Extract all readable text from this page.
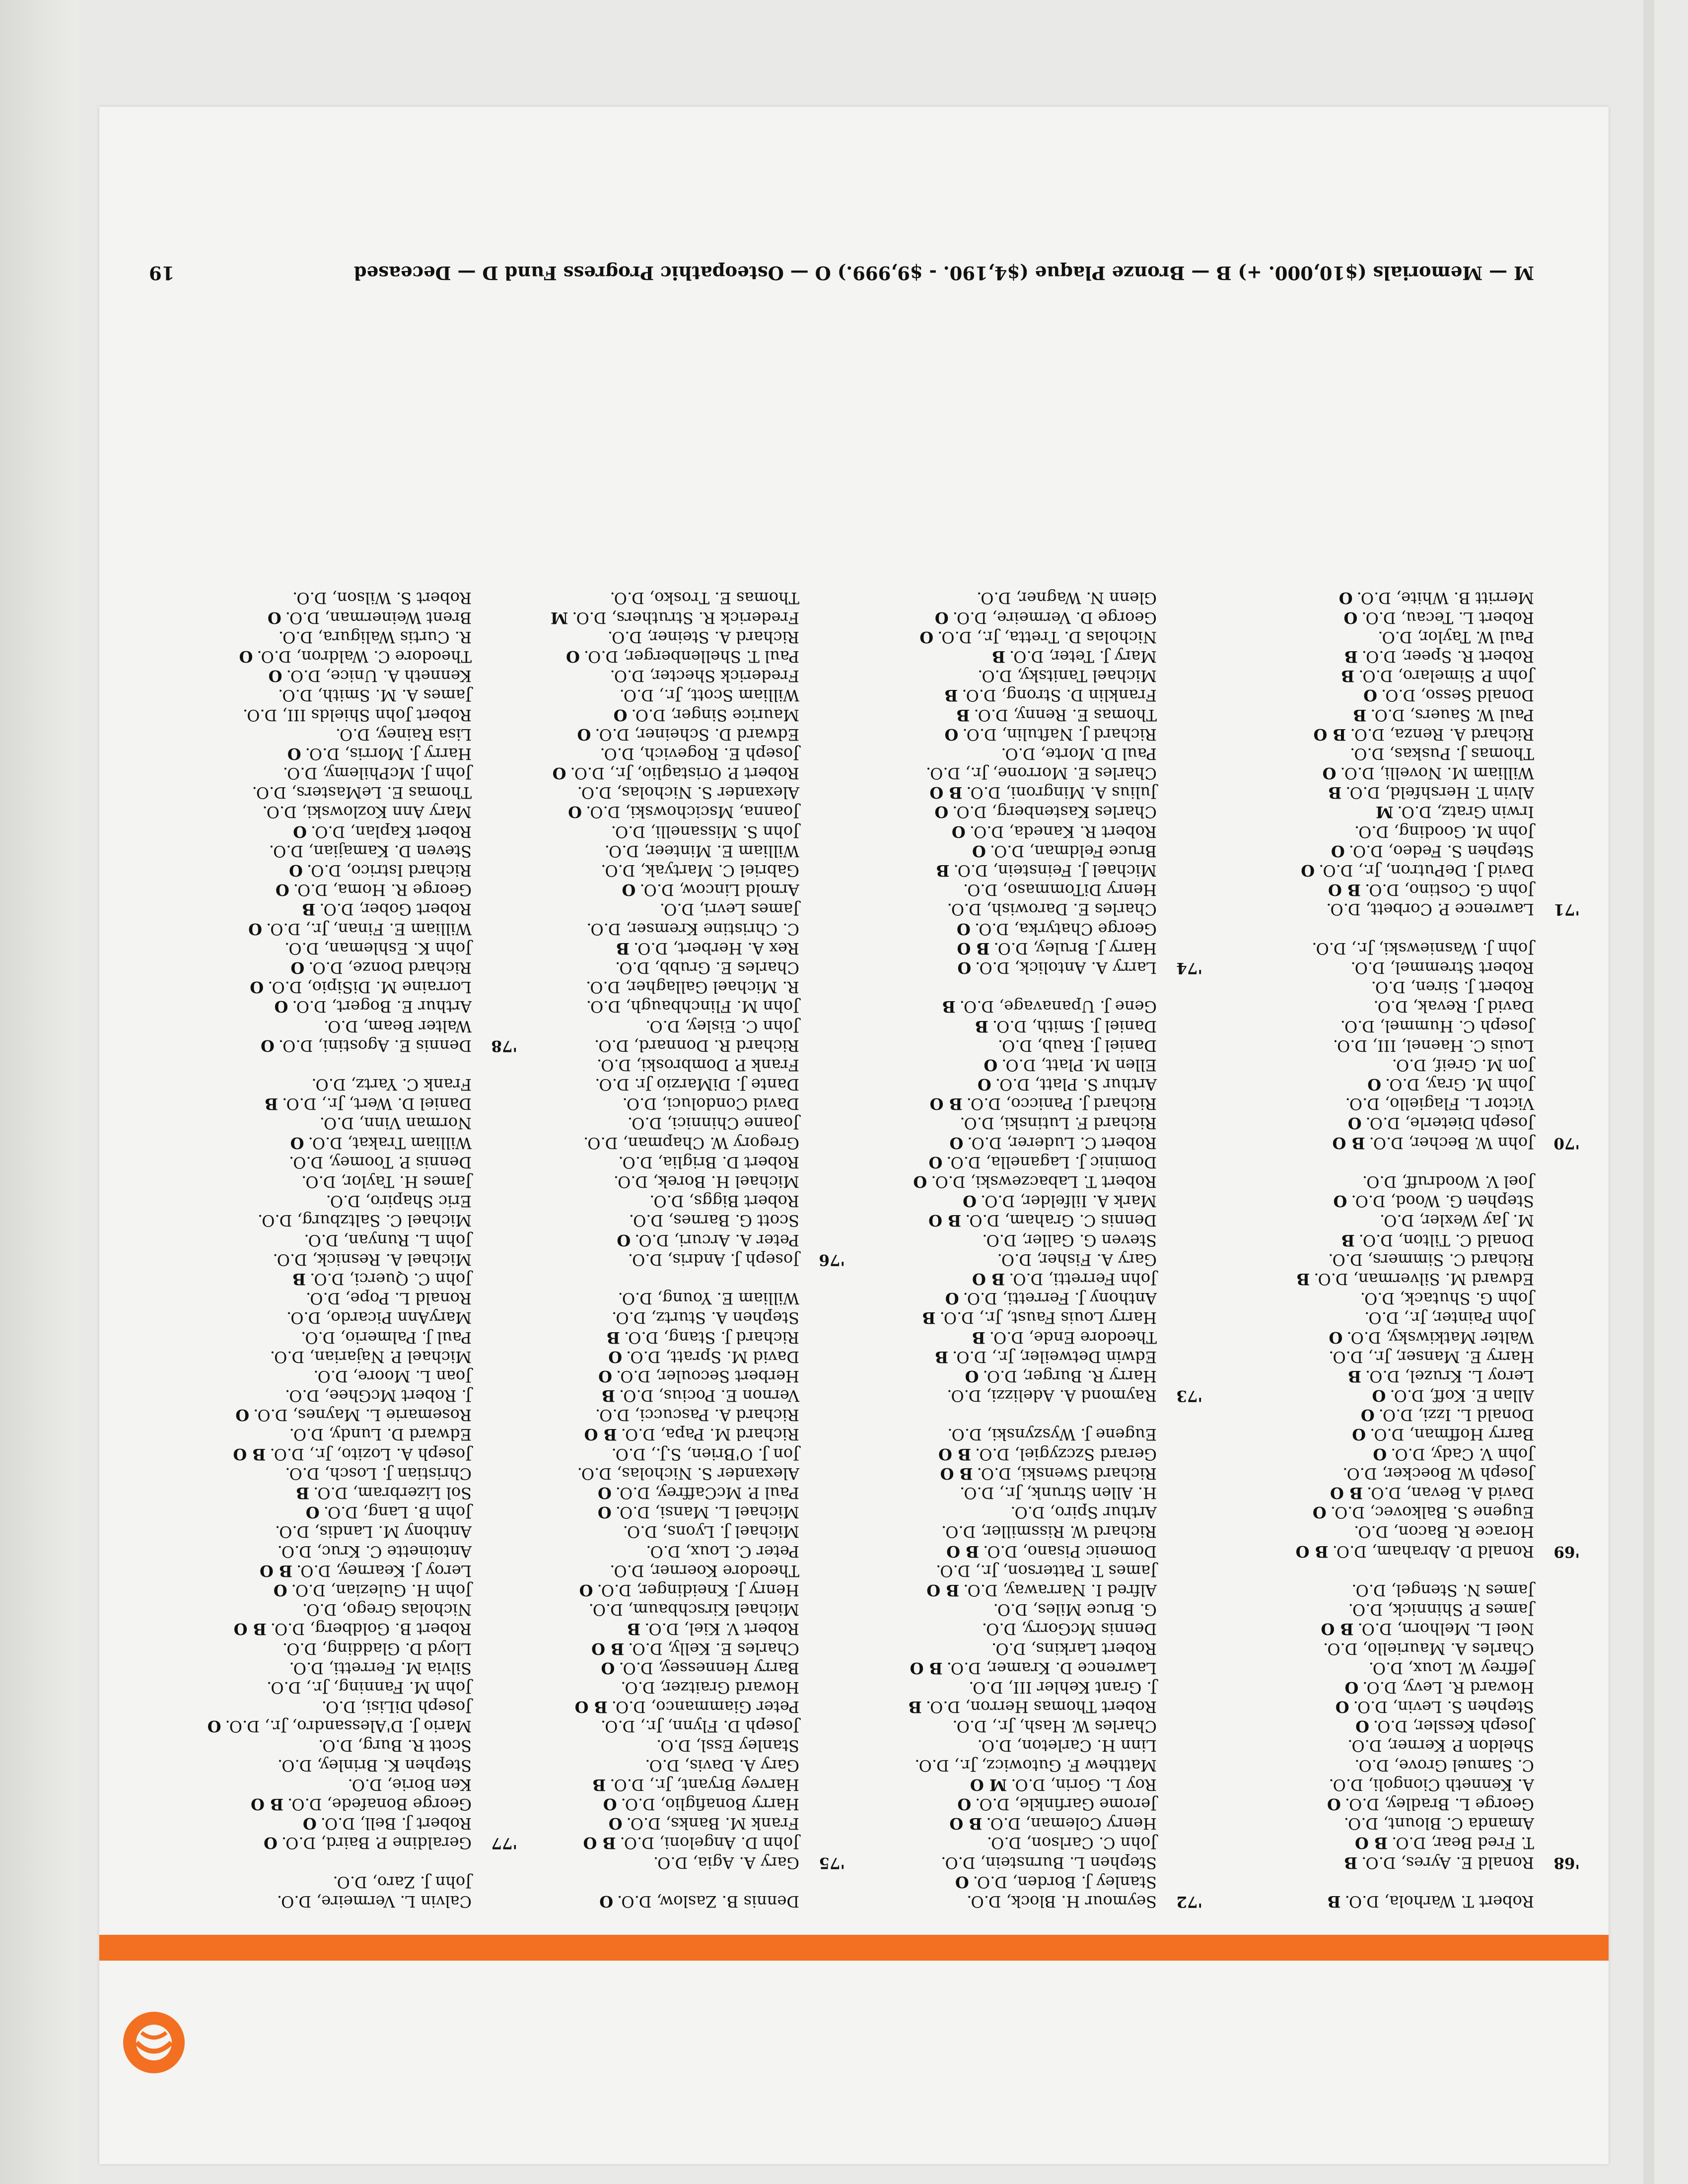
Robert T. Warhola, D.O.B
'68
Ronald E. Ayres, D.O.B
T. Fred Bear, D.O.B O
Amanda C. Blount, D.O.
George L. Bradley, D.O.O
A. Kenneth Ciongoli, D.O.
C. Samuel Grove, D.O.
Sheldon P. Kerner, D.O.
Joseph Kessler, D.O.O
Stephen S. Levin, D.O.O
Howard R. Levy, D.O.O
Jeffrey W. Loux, D.O.
Charles A. Mauriello, D.O.
Noel L. Melhorn, D.O.B O
James P. Shinnick, D.O.
James N. Stengel, D.O.
'69
Ronald D. Abraham, D.O.B O
Horace R. Bacon, D.O.
Eugene S. Balkovec, D.O.O
David A. Bevan, D.O.B O
Joseph W. Boecker, D.O.
John V. Cady, D.O.O
Barry Hoffman, D.O.O
Donald L. Izzi, D.O.O
Allan E. Koff, D.O.O
Leroy L. Kruzel, D.O.B
Harry E. Manser, Jr., D.O.
Walter Matkiwsky, D.O.O
John Painter, Jr., D.O.
John G. Shutack, D.O.
Edward M. Silverman, D.O.B
Richard C. Simmers, D.O.
Donald C. Tilton, D.O.B
M. Jay Wexler, D.O.
Stephen G. Wood, D.O.O
Joel V. Woodruff, D.O.
'70
John W. Becher, D.O.B O
Joseph Dieterle, D.O.O
Victor L. Flagiello, D.O.
John M. Gray, D.O.O
Jon M. Greif, D.O.
Louis C. Haenel, III, D.O.
Joseph C. Hummel, D.O.
David J. Revak, D.O.
Robert J. Siren, D.O.
Robert Stremmel, D.O.
John J. Wasniewski, Jr., D.O.
'71
Lawrence P. Corbett, D.O.
John G. Costino, D.O.B O
David J. DePutron, Jr., D.O.O
Stephen S. Fedeo, D.O.O
John M. Gooding, D.O.
Irwin Gratz, D.O.M
Alvin T. Hershfeld, D.O.B
William M. Novelli, D.O.O
Thomas J. Puskas, D.O.
Richard A. Renza, D.O.B O
Paul W. Sauers, D.O.B
Donald Sesso, D.O.O
John P. Simelaro, D.O.B
Robert R. Speer, D.O.B
Paul W. Taylor, D.O.
Robert L. Tecau, D.O.O
Merritt B. White, D.O.O
'72
Seymour H. Block, D.O.
Stanley J. Borden, D.O.O
Stephen L. Burnstein, D.O.
John C. Carlson, D.O.
Henry Coleman, D.O.B O
Jerome Garfinkle, D.O.O
Roy L. Gorin, D.O.M O
Matthew F. Gutowicz, Jr., D.O.
Linn H. Carleton, D.O.
Charles W. Hash, Jr., D.O.
Robert Thomas Herron, D.O.B
J. Grant Kehler III, D.O.
Lawrence D. Kramer, D.O.B O
Robert Larkins, D.O.
Dennis McGorry, D.O.
G. Bruce Miles, D.O.
Alfred I. Narraway, D.O.B O
James T. Patterson, Jr., D.O.
Domenic Pisano, D.O.B O
Richard W. Rissmiller, D.O.
Arthur Spiro, D.O.
H. Allen Strunk, Jr., D.O.
Richard Swenski, D.O.B O
Gerard Szczygiel, D.O.B O
Eugene J. Wyszynski, D.O.
'73
Raymond A. Adelizzi, D.O.
Harry R. Burger, D.O.O
Edwin Detweiler, Jr., D.O.B
Theodore Ende, D.O.B
Harry Louis Faust, Jr., D.O.B
Anthony J. Ferretti, D.O.O
John Ferretti, D.O.B O
Gary A. Fisher, D.O.
Steven G. Galler, D.O.
Dennis C. Graham, D.O.B O
Mark A. Iilfelder, D.O.O
Robert T. Labaczewski, D.O.O
Dominic J. Laganella, D.O.O
Robert C. Luderer, D.O.O
Richard F. Lutinski, D.O.
Richard J. Panicco, D.O.B O
Arthur S. Platt, D.O.O
Ellen M. Platt, D.O.O
Daniel J. Raub, D.O.
Daniel J. Smith, D.O.B
Gene J. Upanavage, D.O.B
'74
Larry A. Antolick, D.O.O
Harry J. Bruley, D.O.B O
George Chatyrka, D.O.O
Charles E. Darowish, D.O.
Henry DiTommaso, D.O.
Michael J. Feinstein, D.O.B
Bruce Feldman, D.O.O
Robert R. Kaneda, D.O.O
Charles Kastenberg, D.O.O
Julius A. Mingroni, D.O.B O
Charles E. Morrone, Jr., D.O.
Paul D. Morte, D.O.
Richard J. Naftulin, D.O.O
Thomas E. Renny, D.O.B
Franklin D. Strong, D.O.B
Michael Tanitsky, D.O.
Mary J. Teter, D.O.B
Nicholas D. Tretta, Jr., D.O.O
George D. Vermeire, D.O.O
Glenn N. Wagner, D.O.
Dennis B. Zaslow, D.O.O
'75
Gary A. Agia, D.O.
John D. Angeloni, D.O.B O
Frank M. Banks, D.O.O
Harry Bonafiglio, D.O.O
Harvey Bryant, Jr., D.O.B
Gary A. Davis, D.O.
Stanley Essl, D.O.
Joseph D. Flynn, Jr., D.O.
Peter Giammanco, D.O.B O
Howard Graitzer, D.O.
Barry Hennessey, D.O.O
Charles E. Kelly, D.O.B O
Robert V. Kiel, D.O.B
Michael Kirschbaum, D.O.
Henry J. Kneidinger, D.O.O
Theodore Koerner, D.O.
Peter C. Loux, D.O.
Michael J. Lyons, D.O.
Michael L. Mansi, D.O.O
Paul P. McCaffrey, D.O.O
Alexander S. Nicholas, D.O.
Jon J. O'Brien, S.J., D.O.
Richard M. Papa, D.O.B O
Richard A. Pascucci, D.O.
Vernon E. Pocius, D.O.B
Herbert Secouler, D.O.O
David M. Spratt, D.O.O
Richard J. Stang, D.O.B
Stephen A. Sturtz, D.O.
William E. Young, D.O.
'76
Joseph J. Andris, D.O.
Peter A. Arcuri, D.O.O
Scott G. Barnes, D.O.
Robert Biggs, D.O.
Michael H. Borek, D.O.
Robert D. Briglia, D.O.
Gregory W. Chapman, D.O.
Joanne Chinnici, D.O.
David Condoluci, D.O.
Dante J. DiMarzio Jr. D.O.
Frank P. Dombroski, D.O.
Richard R. Donnard, D.O.
John C. Eisley, D.O.
John M. Flinchbaugh, D.O.
R. Michael Gallagher, D.O.
Charles E. Grubb, D.O.
Rex A. Herbert, D.O.B
C. Christine Kremser, D.O.
James Levri, D.O.
Arnold Lincow, D.O.O
Gabriel C. Martyak, D.O.
William E. Minteer, D.O.
John S. Missanelli, D.O.
Joanna, Mscichowski, D.O.O
Alexander S. Nicholas, D.O.
Robert P. Oristaglio, Jr., D.O.O
Joseph E. Rogevich, D.O.
Edward D. Scheiner, D.O.O
Maurice Singer, D.O.O
William Scott, Jr., D.O.
Frederick Shecter, D.O.
Paul T. Shellenberger, D.O.O
Richard A. Steiner, D.O.
Frederick R. Struthers, D.O.M
Thomas E. Trosko, D.O.
Calvin L. Vermeire, D.O.
John J. Zaro, D.O.
'77
Geraldine P. Baird, D.O.O
Robert J. Bell, D.O.O
George Bonafede, D.O.B O
Ken Borie, D.O.
Stephen K. Brinley, D.O.
Scott R. Burg, D.O.
Mario J. D'Alessandro, Jr., D.O.O
Joseph DiLisi, D.O.
John M. Fanning, Jr., D.O.
Silvia M. Ferretti, D.O.
Lloyd D. Gladding, D.O.
Robert B. Goldberg, D.O.B O
Nicholas Grego, D.O.
John H. Gulezian, D.O.O
Leroy J. Kearney, D.O.B O
Antoinette C. Kruc, D.O.
Anthony M. Landis, D.O.
John B. Lang, D.O.O
Sol Lizerbram, D.O.B
Christian J. Losch, D.O.
Joseph A. Lozito, Jr., D.O.B O
Edward D. Lundy, D.O.
Rosemarie L. Maynes, D.O.O
J. Robert McGhee, D.O.
Joan L. Moore, D.O.
Michael P. Najarian, D.O.
Paul J. Palmerio, D.O.
MaryAnn Picardo, D.O.
Ronald L. Pope, D.O.
John C. Querci, D.O.B
Michael A. Resnick, D.O.
John L. Runyan, D.O.
Michael C. Saltzburg, D.O.
Eric Shapiro, D.O.
James H. Taylor, D.O.
Dennis P. Toomey, D.O.
William Trakat, D.O.O
Norman Vinn, D.O.
Daniel D. Wert, Jr., D.O.B
Frank C. Yartz, D.O.
'78
Dennis E. Agostini, D.O.O
Walter Beam, D.O.
Arthur E. Bogert, D.O.O
Lorraine M. DiSipio, D.O.O
Richard Donze, D.O.O
John K. Eshleman, D.O.
William E. Finan, Jr., D.O.O
Robert Gober, D.O.B
George R. Homa, D.O.O
Richard Istrico, D.O.O
Steven D. Kamajian, D.O.
Robert Kaplan, D.O.O
Mary Ann Kozlowski, D.O.
Thomas E. LeMasters, D.O.
John J. McPhilemy, D.O.
Harry J. Morris, D.O.O
Lisa Rainey, D.O.
Robert John Shields III, D.O.
James A. M. Smith, D.O.
Kenneth A. Unice, D.O.O
Theodore C. Waldron, D.O.O
R. Curtis Waligura, D.O.
Brent Weinerman, D.O.O
Robert S. Wilson, D.O.
M — Memorials ($10,000. +) B — Bronze Plaque ($4,190. - $9,999.) O — Osteopathic Progress Fund D — Deceased
19
